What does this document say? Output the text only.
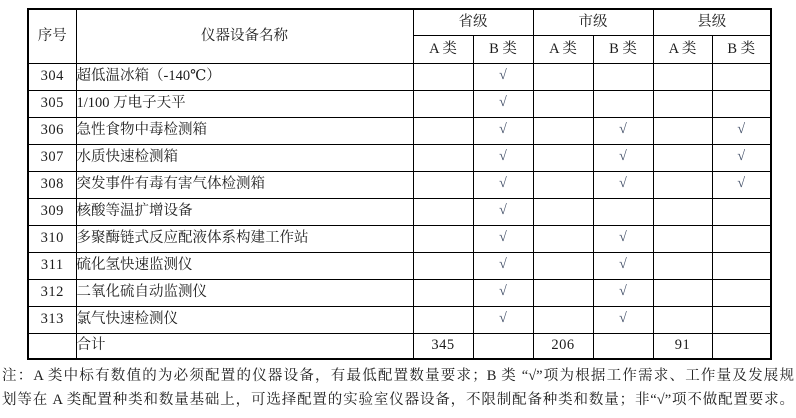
序号	仪器设备名称	省级		市级		县级	
		A 类	B 类	A 类	B 类	A 类	B 类
304	超低温冰箱（-140℃）		√				
305	1/100 万电子天平		√				
306	急性食物中毒检测箱		√		√		√
307	水质快速检测箱		√		√		√
308	突发事件有毒有害气体检测箱		√		√		√
309	核酸等温扩增设备		√				
310	多聚酶链式反应配液体系构建工作站		√		√		
311	硫化氢快速监测仪		√		√		
312	二氧化硫自动监测仪		√		√		
313	氯气快速检测仪		√		√		
	合计	345		206		91	
注：A 类中标有数值的为必须配置的仪器设备，有最低配置数量要求；B 类 “√”项为根据工作需求、工作量及发展规
划等在 A 类配置种类和数量基础上，可选择配置的实验室仪器设备，不限制配备种类和数量；非“√”项不做配置要求。
